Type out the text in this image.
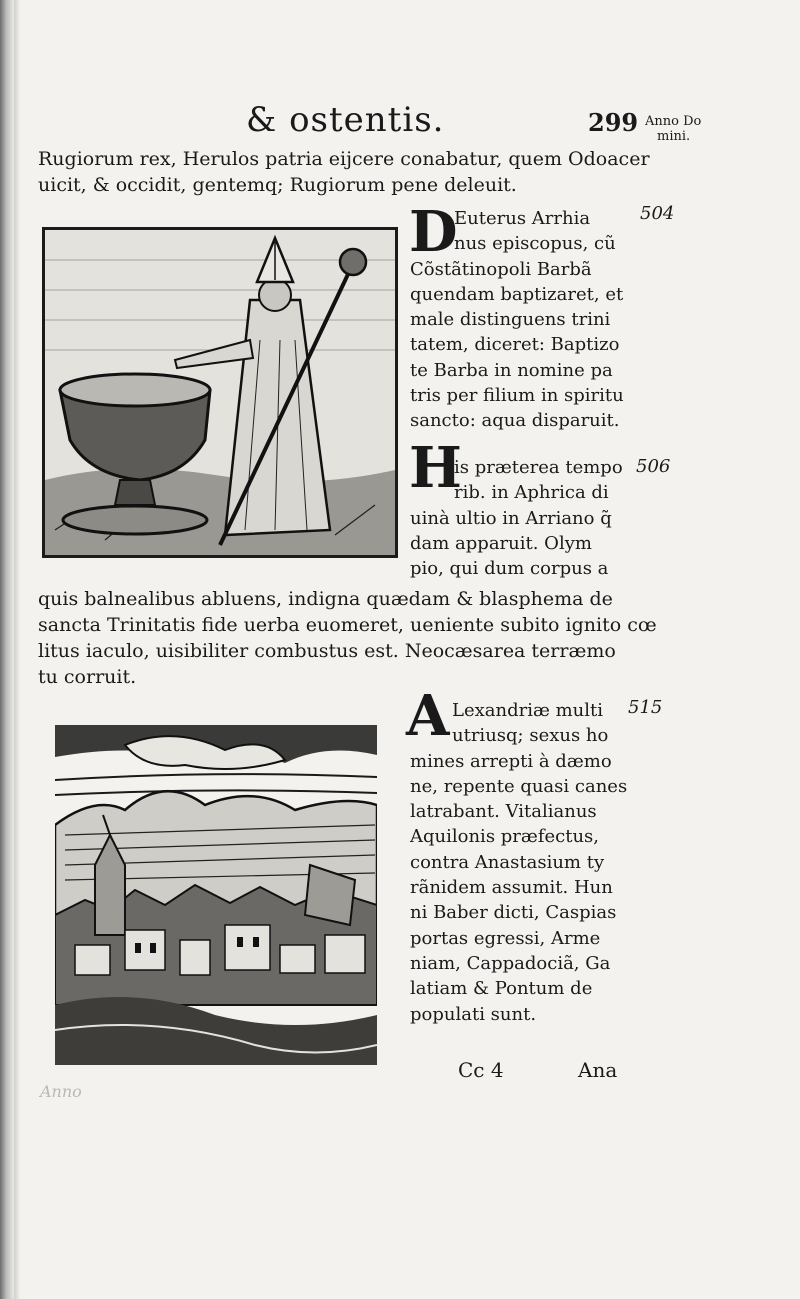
& ostentis.	299 Anno Do
mini.
Rugiorum rex, Herulos patria eijcere conabatur, quem Odoacer
uicit, & occidit, gentemq; Rugiorum pene deleuit.
D
Euterus Arrhia
nus episcopus, cũ
Cõstãtinopoli Barbã
quendam baptizaret, et
male distinguens trini
tatem, diceret: Baptizo
te Barba in nomine pa
tris per filium in spiritu
sancto: aqua disparuit.
504
H
is præterea tempo
rib. in Aphrica di
uinà ultio in Arriano q̃
dam apparuit. Olym
pio, qui dum corpus a
506
quis balnealibus abluens, indigna quædam & blasphema de
sancta Trinitatis fide uerba euomeret, ueniente subito ignito cœ
litus iaculo, uisibiliter combustus est. Neocæsarea terræmo
tu corruit.
A Lexandriæ multi
utriusq; sexus ho
mines arrepti à dæmo
ne, repente quasi canes
latrabant. Vitalianus
Aquilonis præfectus,
contra Anastasium ty
rãnidem assumit. Hun
ni Baber dicti, Caspias
portas egressi, Arme
niam, Cappadociã, Ga
latiam & Pontum de
populati sunt.
515
Cc 4	Ana
Anno
